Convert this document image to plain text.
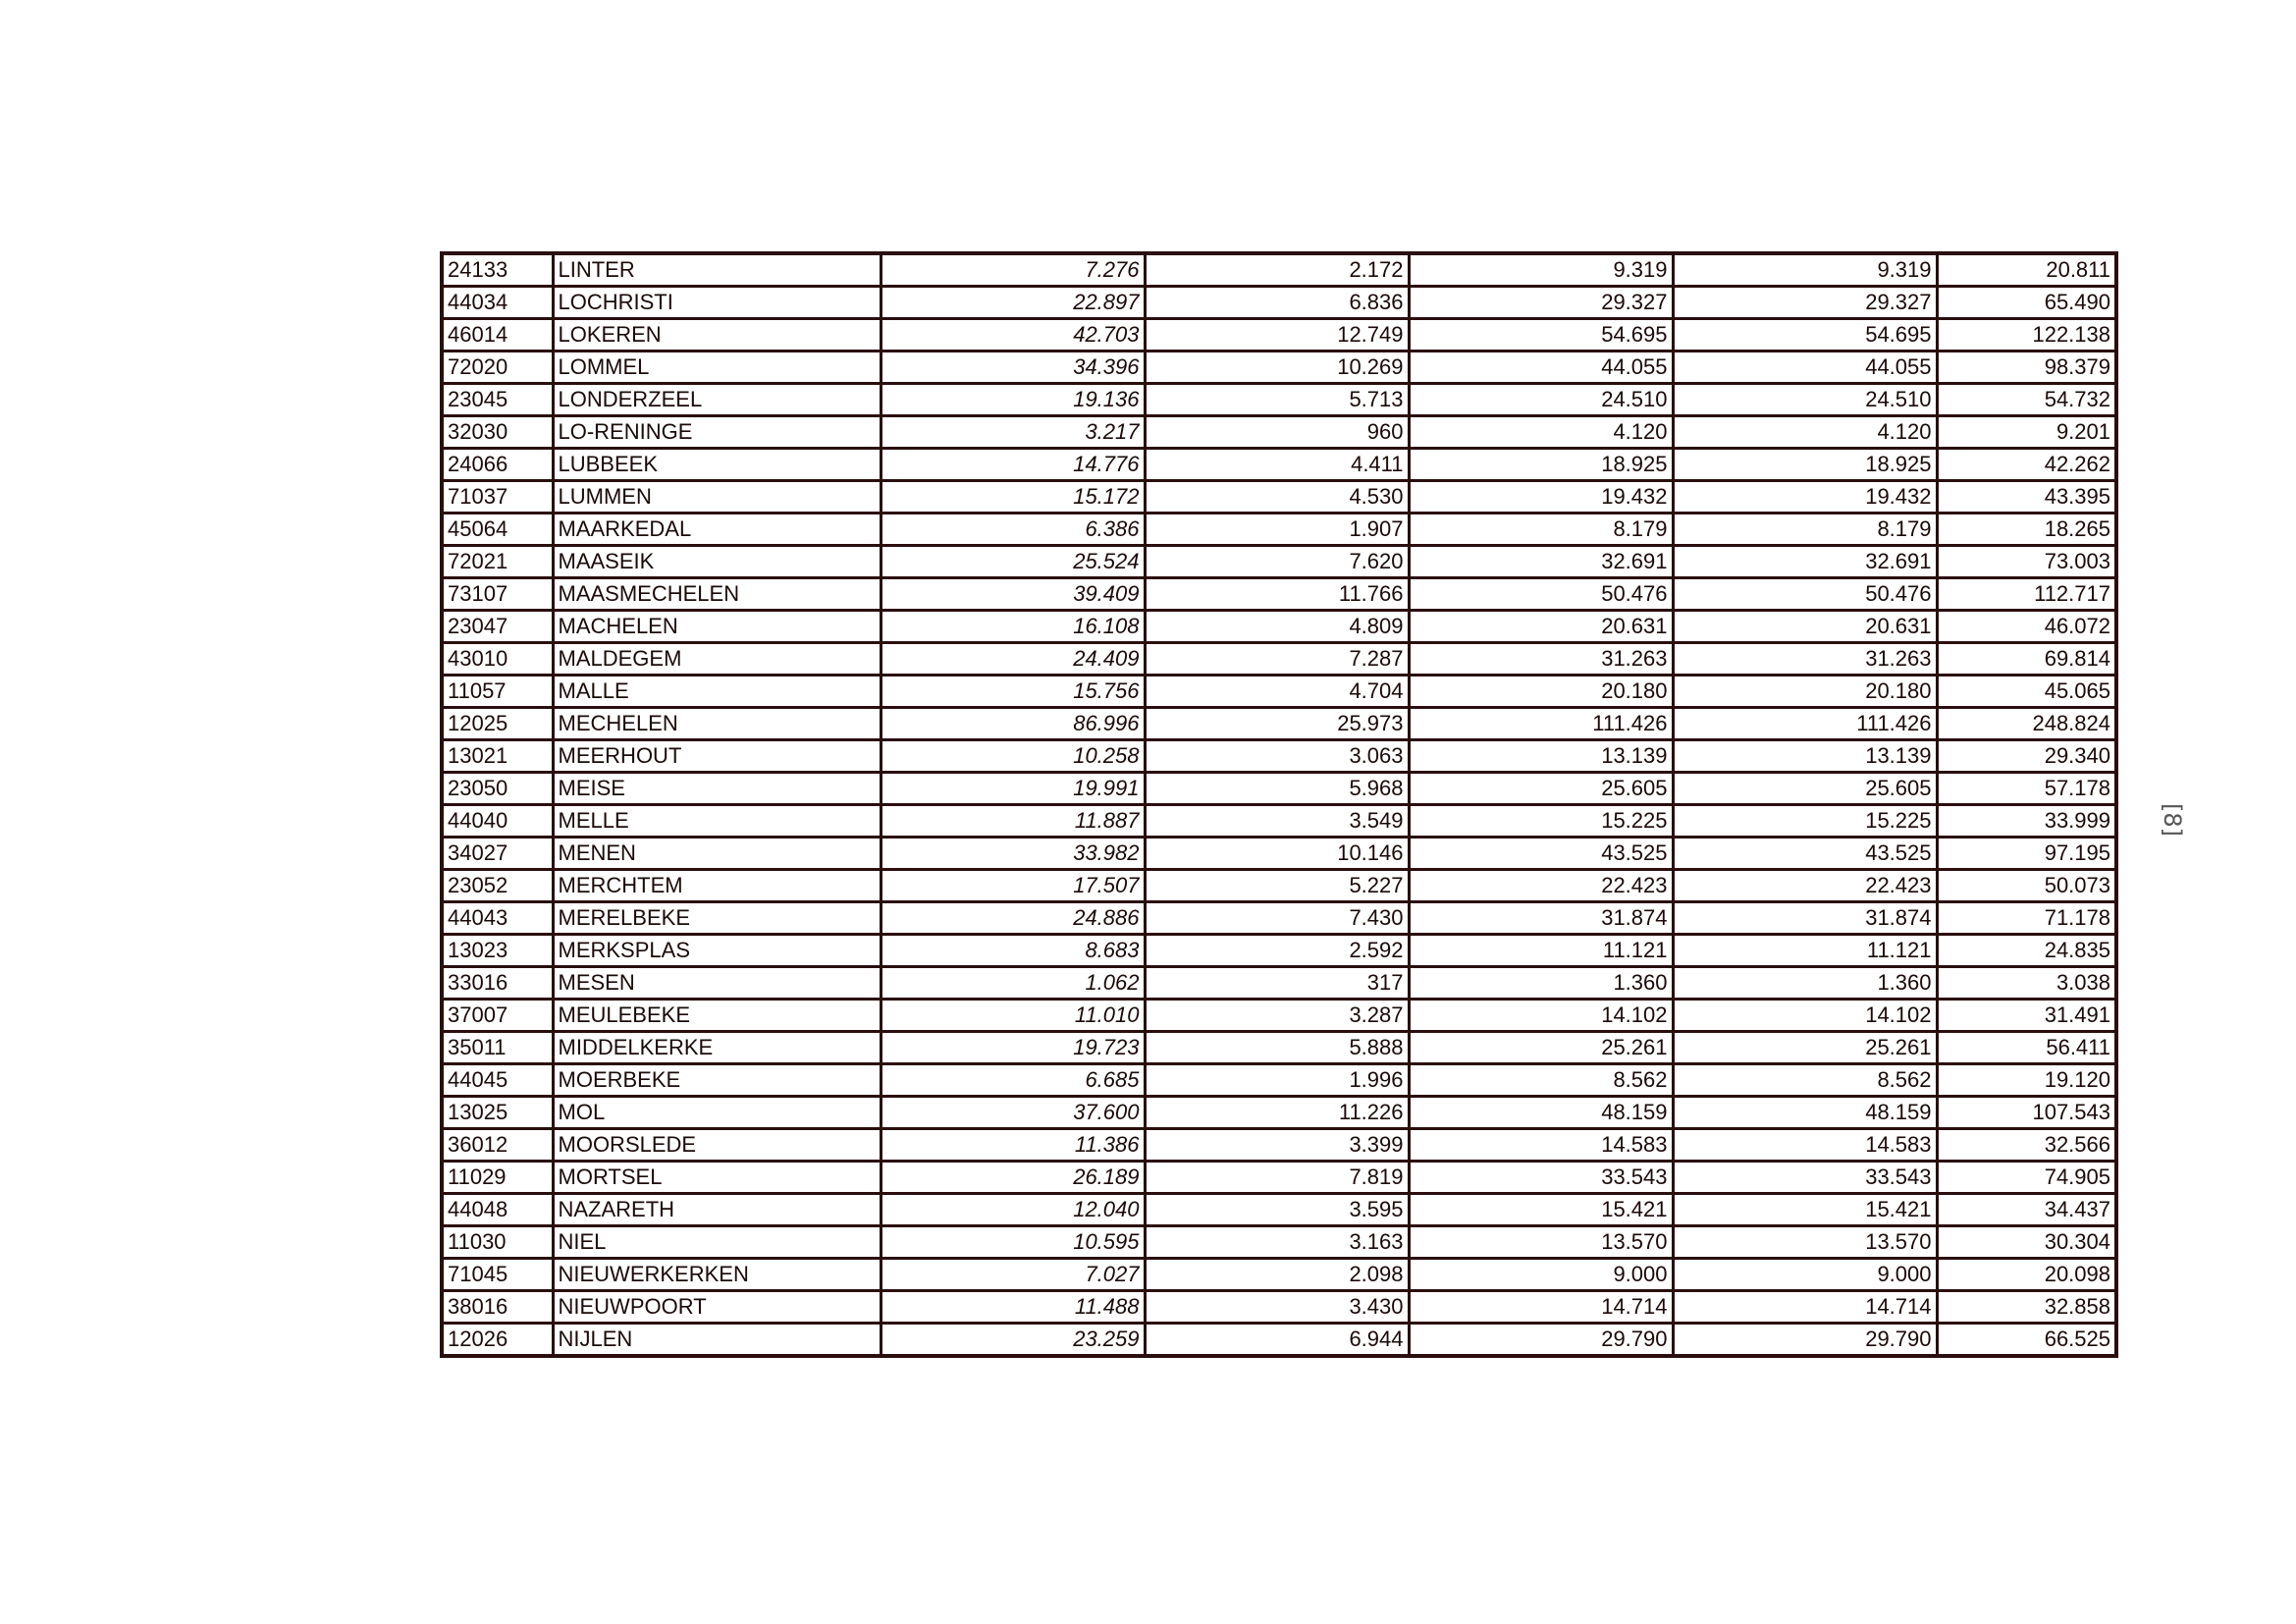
24133	LINTER	7.276	2.172	9.319	9.319	20.811
44034	LOCHRISTI	22.897	6.836	29.327	29.327	65.490
46014	LOKEREN	42.703	12.749	54.695	54.695	122.138
72020	LOMMEL	34.396	10.269	44.055	44.055	98.379
23045	LONDERZEEL	19.136	5.713	24.510	24.510	54.732
32030	LO-RENINGE	3.217	960	4.120	4.120	9.201
24066	LUBBEEK	14.776	4.411	18.925	18.925	42.262
71037	LUMMEN	15.172	4.530	19.432	19.432	43.395
45064	MAARKEDAL	6.386	1.907	8.179	8.179	18.265
72021	MAASEIK	25.524	7.620	32.691	32.691	73.003
73107	MAASMECHELEN	39.409	11.766	50.476	50.476	112.717
23047	MACHELEN	16.108	4.809	20.631	20.631	46.072
43010	MALDEGEM	24.409	7.287	31.263	31.263	69.814
11057	MALLE	15.756	4.704	20.180	20.180	45.065
12025	MECHELEN	86.996	25.973	111.426	111.426	248.824
13021	MEERHOUT	10.258	3.063	13.139	13.139	29.340
23050	MEISE	19.991	5.968	25.605	25.605	57.178
44040	MELLE	11.887	3.549	15.225	15.225	33.999
34027	MENEN	33.982	10.146	43.525	43.525	97.195
23052	MERCHTEM	17.507	5.227	22.423	22.423	50.073
44043	MERELBEKE	24.886	7.430	31.874	31.874	71.178
13023	MERKSPLAS	8.683	2.592	11.121	11.121	24.835
33016	MESEN	1.062	317	1.360	1.360	3.038
37007	MEULEBEKE	11.010	3.287	14.102	14.102	31.491
35011	MIDDELKERKE	19.723	5.888	25.261	25.261	56.411
44045	MOERBEKE	6.685	1.996	8.562	8.562	19.120
13025	MOL	37.600	11.226	48.159	48.159	107.543
36012	MOORSLEDE	11.386	3.399	14.583	14.583	32.566
11029	MORTSEL	26.189	7.819	33.543	33.543	74.905
44048	NAZARETH	12.040	3.595	15.421	15.421	34.437
11030	NIEL	10.595	3.163	13.570	13.570	30.304
71045	NIEUWERKERKEN	7.027	2.098	9.000	9.000	20.098
38016	NIEUWPOORT	11.488	3.430	14.714	14.714	32.858
12026	NIJLEN	23.259	6.944	29.790	29.790	66.525
[8]
